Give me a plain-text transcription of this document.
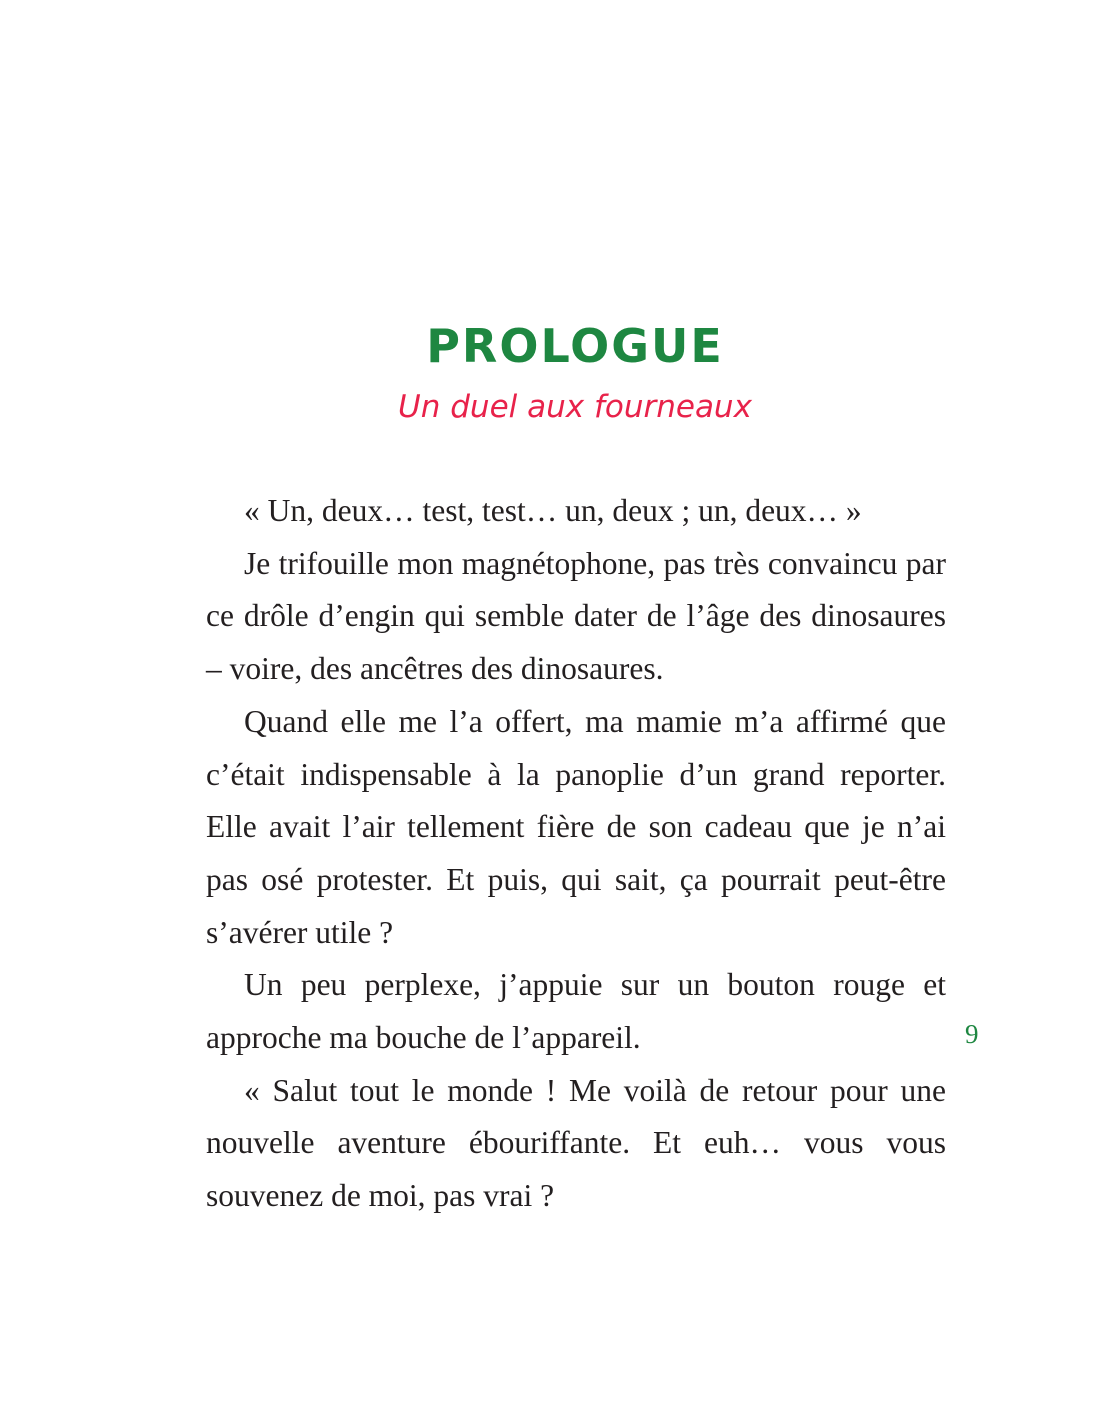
PROLOGUE
Un duel aux fourneaux

« Un, deux… test, test… un, deux ; un, deux… »

Je trifouille mon magnétophone, pas très convaincu par ce drôle d’engin qui semble dater de l’âge des dinosaures – voire, des ancêtres des dinosaures.

Quand elle me l’a offert, ma mamie m’a affirmé que c’était indispensable à la panoplie d’un grand reporter. Elle avait l’air tellement fière de son cadeau que je n’ai pas osé protester. Et puis, qui sait, ça pourrait peut-être s’avérer utile ?

Un peu perplexe, j’appuie sur un bouton rouge et approche ma bouche de l’appareil.

« Salut tout le monde ! Me voilà de retour pour une nouvelle aventure ébouriffante. Et euh… vous vous souvenez de moi, pas vrai ?

9
